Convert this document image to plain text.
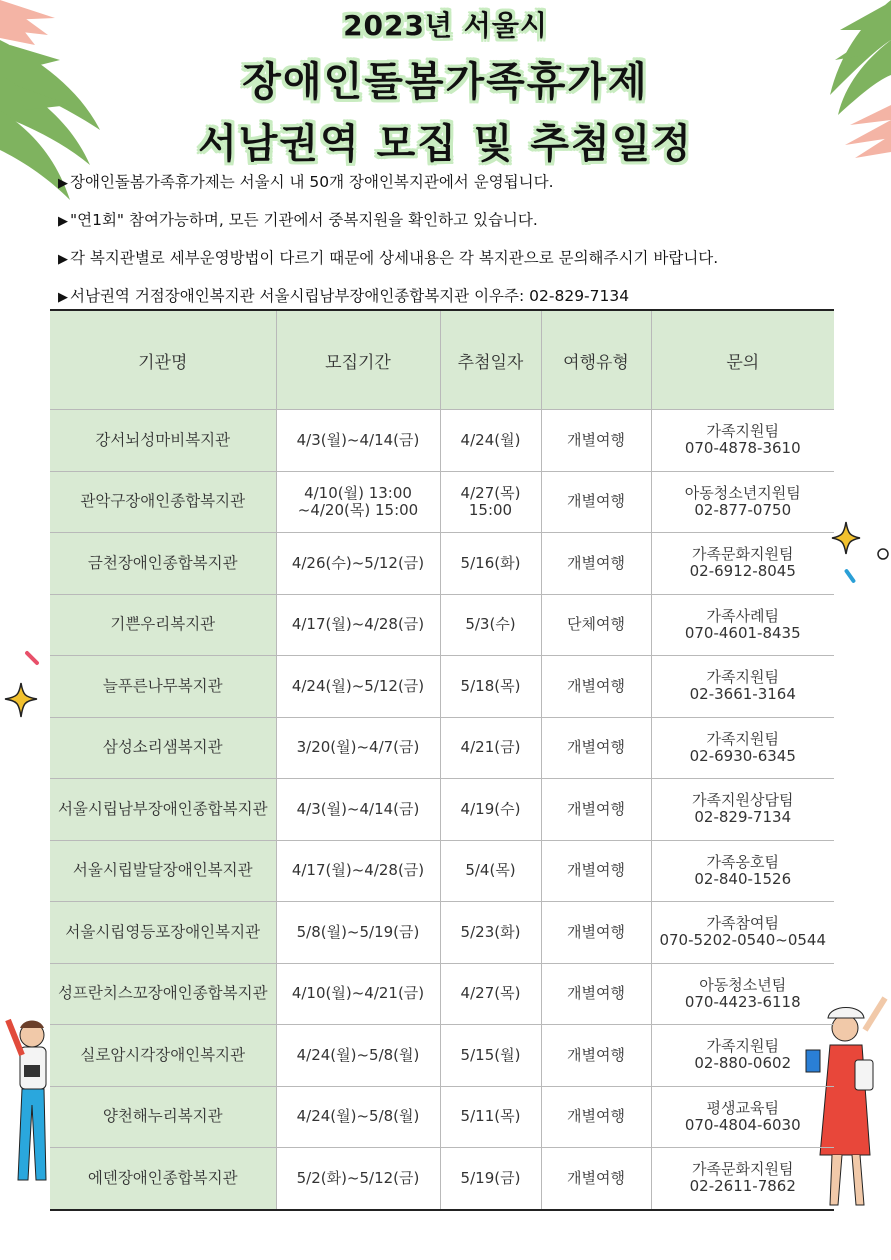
2023년 서울시
장애인돌봄가족휴가제
서남권역 모집 및 추첨일정
▶ 장애인돌봄가족휴가제는 서울시 내 50개 장애인복지관에서 운영됩니다.
▶ "연1회" 참여가능하며, 모든 기관에서 중복지원을 확인하고 있습니다.
▶ 각 복지관별로 세부운영방법이 다르기 때문에 상세내용은 각 복지관으로 문의해주시기 바랍니다.
▶ 서남권역 거점장애인복지관 서울시립남부장애인종합복지관 이우주: 02-829-7134
기관명	모집기간	추첨일자	여행유형	문의
강서뇌성마비복지관	4/3(월)~4/14(금)	4/24(월)	개별여행	가족지원팀
070-4878-3610
관악구장애인종합복지관	4/10(월) 13:00
~4/20(목) 15:00	4/27(목)
15:00	개별여행	아동청소년지원팀
02-877-0750
금천장애인종합복지관	4/26(수)~5/12(금)	5/16(화)	개별여행	가족문화지원팀
02-6912-8045
기쁜우리복지관	4/17(월)~4/28(금)	5/3(수)	단체여행	가족사례팀
070-4601-8435
늘푸른나무복지관	4/24(월)~5/12(금)	5/18(목)	개별여행	가족지원팀
02-3661-3164
삼성소리샘복지관	3/20(월)~4/7(금)	4/21(금)	개별여행	가족지원팀
02-6930-6345
서울시립남부장애인종합복지관	4/3(월)~4/14(금)	4/19(수)	개별여행	가족지원상담팀
02-829-7134
서울시립발달장애인복지관	4/17(월)~4/28(금)	5/4(목)	개별여행	가족옹호팀
02-840-1526
서울시립영등포장애인복지관	5/8(월)~5/19(금)	5/23(화)	개별여행	가족참여팀
070-5202-0540~0544
성프란치스꼬장애인종합복지관	4/10(월)~4/21(금)	4/27(목)	개별여행	아동청소년팀
070-4423-6118
실로암시각장애인복지관	4/24(월)~5/8(월)	5/15(월)	개별여행	가족지원팀
02-880-0602
양천해누리복지관	4/24(월)~5/8(월)	5/11(목)	개별여행	평생교육팀
070-4804-6030
에덴장애인종합복지관	5/2(화)~5/12(금)	5/19(금)	개별여행	가족문화지원팀
02-2611-7862
